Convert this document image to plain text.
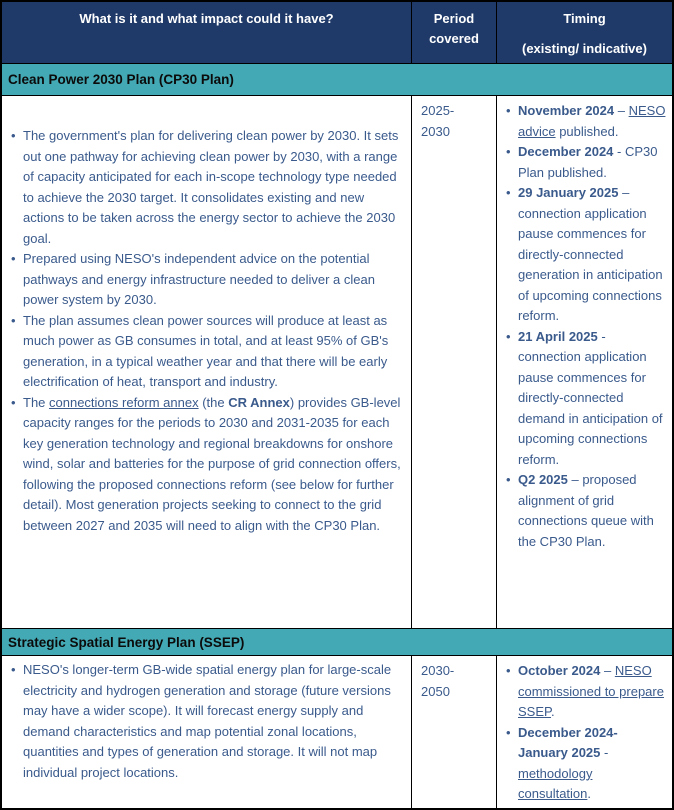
What is it and what impact could it have?	Period covered
Timing
(existing/ indicative)
Clean Power 2030 Plan (CP30 Plan)
• The government's plan for delivering clean power by 2030. It sets out one pathway for achieving clean power by 2030, with a range of capacity anticipated for each in-scope technology type needed to achieve the 2030 target. It consolidates existing and new actions to be taken across the energy sector to achieve the 2030 goal.
• Prepared using NESO's independent advice on the potential pathways and energy infrastructure needed to deliver a clean power system by 2030.
• The plan assumes clean power sources will produce at least as much power as GB consumes in total, and at least 95% of GB's generation, in a typical weather year and that there will be early electrification of heat, transport and industry.
• The connections reform annex (the CR Annex) provides GB-level capacity ranges for the periods to 2030 and 2031-2035 for each key generation technology and regional breakdowns for onshore wind, solar and batteries for the purpose of grid connection offers, following the proposed connections reform (see below for further detail). Most generation projects seeking to connect to the grid between 2027 and 2035 will need to align with the CP30 Plan.
2025-2030
• November 2024 – NESO advice published.
• December 2024 - CP30 Plan published.
• 29 January 2025 – connection application pause commences for directly-connected generation in anticipation of upcoming connections reform.
• 21 April 2025 - connection application pause commences for directly-connected demand in anticipation of upcoming connections reform.
• Q2 2025 – proposed alignment of grid connections queue with the CP30 Plan.
Strategic Spatial Energy Plan (SSEP)
• NESO's longer-term GB-wide spatial energy plan for large-scale electricity and hydrogen generation and storage (future versions may have a wider scope). It will forecast energy supply and demand characteristics and map potential zonal locations, quantities and types of generation and storage. It will not map individual project locations.
2030-2050
• October 2024 – NESO commissioned to prepare SSEP.
• December 2024- January 2025 - methodology consultation.
